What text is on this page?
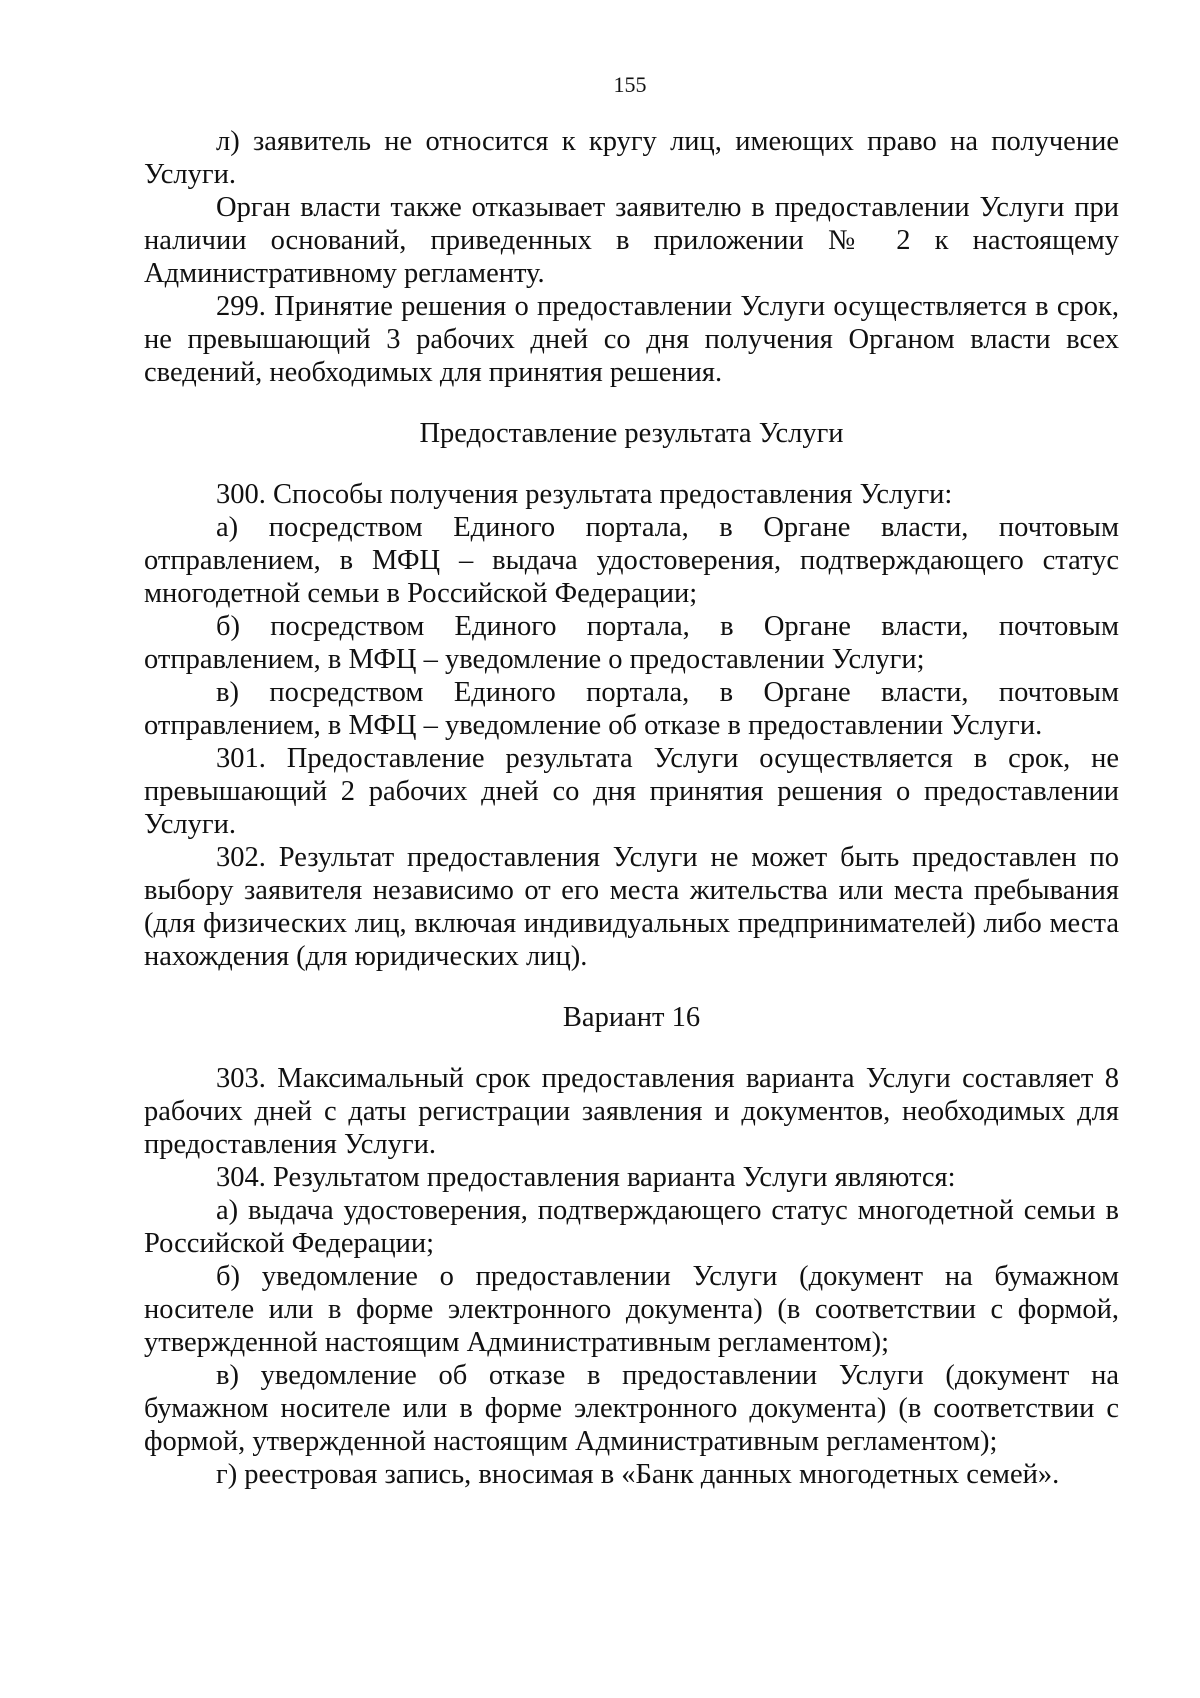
155

л) заявитель не относится к кругу лиц, имеющих право на получение Услуги.

Орган власти также отказывает заявителю в предоставлении Услуги при наличии оснований, приведенных в приложении № 2 к настоящему Административному регламенту.

299. Принятие решения о предоставлении Услуги осуществляется в срок, не превышающий 3 рабочих дней со дня получения Органом власти всех сведений, необходимых для принятия решения.

Предоставление результата Услуги

300. Способы получения результата предоставления Услуги:

а) посредством Единого портала, в Органе власти, почтовым отправлением, в МФЦ – выдача удостоверения, подтверждающего статус многодетной семьи в Российской Федерации;

б) посредством Единого портала, в Органе власти, почтовым отправлением, в МФЦ – уведомление о предоставлении Услуги;

в) посредством Единого портала, в Органе власти, почтовым отправлением, в МФЦ – уведомление об отказе в предоставлении Услуги.

301. Предоставление результата Услуги осуществляется в срок, не превышающий 2 рабочих дней со дня принятия решения о предоставлении Услуги.

302. Результат предоставления Услуги не может быть предоставлен по выбору заявителя независимо от его места жительства или места пребывания (для физических лиц, включая индивидуальных предпринимателей) либо места нахождения (для юридических лиц).

Вариант 16

303. Максимальный срок предоставления варианта Услуги составляет 8 рабочих дней с даты регистрации заявления и документов, необходимых для предоставления Услуги.

304. Результатом предоставления варианта Услуги являются:

а) выдача удостоверения, подтверждающего статус многодетной семьи в Российской Федерации;

б) уведомление о предоставлении Услуги (документ на бумажном носителе или в форме электронного документа) (в соответствии с формой, утвержденной настоящим Административным регламентом);

в) уведомление об отказе в предоставлении Услуги (документ на бумажном носителе или в форме электронного документа) (в соответствии с формой, утвержденной настоящим Административным регламентом);

г) реестровая запись, вносимая в «Банк данных многодетных семей».
